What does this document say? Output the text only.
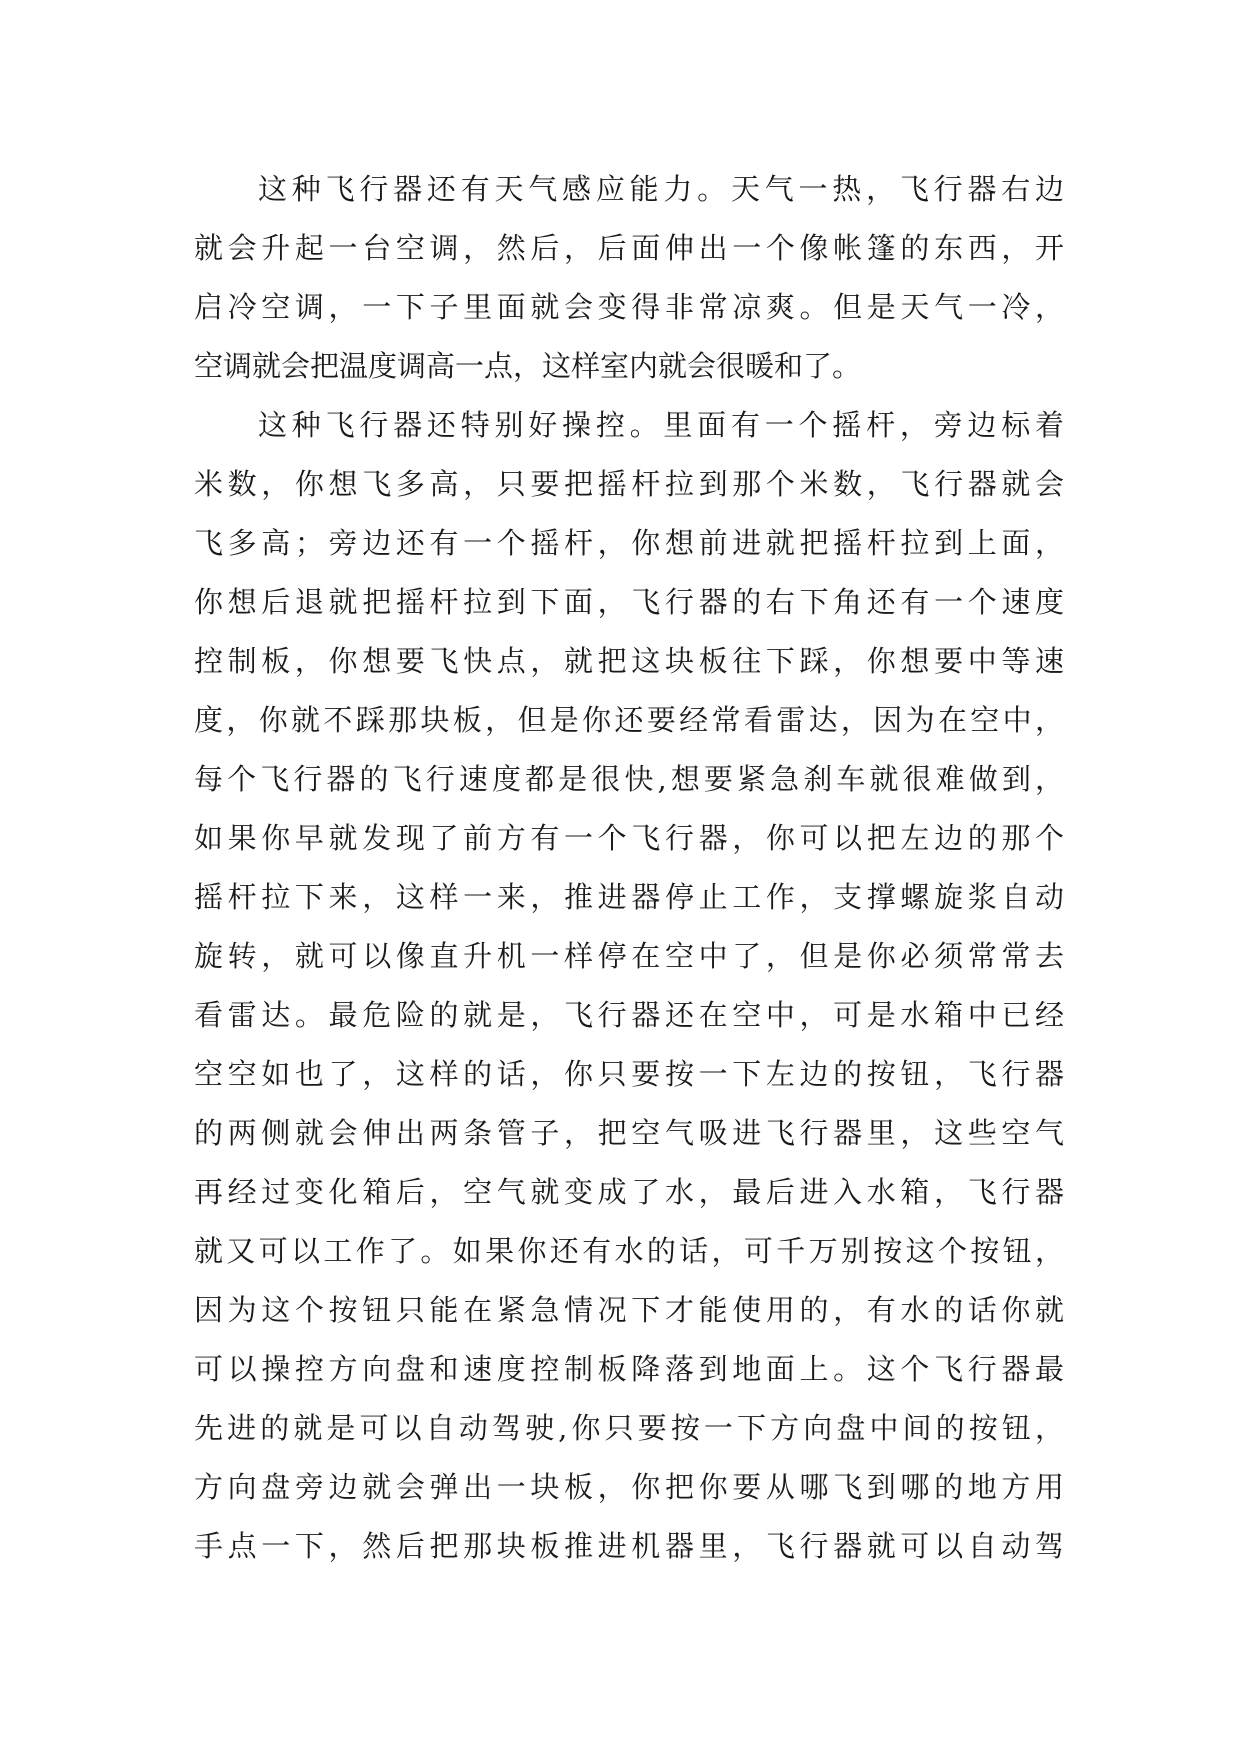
这种飞行器还有天气感应能力。天气一热，飞行器右边
就会升起一台空调，然后，后面伸出一个像帐篷的东西，开
启冷空调，一下子里面就会变得非常凉爽。但是天气一冷，
空调就会把温度调高一点，这样室内就会很暖和了。
这种飞行器还特别好操控。里面有一个摇杆，旁边标着
米数，你想飞多高，只要把摇杆拉到那个米数，飞行器就会
飞多高；旁边还有一个摇杆，你想前进就把摇杆拉到上面，
你想后退就把摇杆拉到下面，飞行器的右下角还有一个速度
控制板，你想要飞快点，就把这块板往下踩，你想要中等速
度，你就不踩那块板，但是你还要经常看雷达，因为在空中，
每个飞行器的飞行速度都是很快,想要紧急刹车就很难做到，
如果你早就发现了前方有一个飞行器，你可以把左边的那个
摇杆拉下来，这样一来，推进器停止工作，支撑螺旋浆自动
旋转，就可以像直升机一样停在空中了，但是你必须常常去
看雷达。最危险的就是，飞行器还在空中，可是水箱中已经
空空如也了，这样的话，你只要按一下左边的按钮，飞行器
的两侧就会伸出两条管子，把空气吸进飞行器里，这些空气
再经过变化箱后，空气就变成了水，最后进入水箱，飞行器
就又可以工作了。如果你还有水的话，可千万别按这个按钮，
因为这个按钮只能在紧急情况下才能使用的，有水的话你就
可以操控方向盘和速度控制板降落到地面上。这个飞行器最
先进的就是可以自动驾驶,你只要按一下方向盘中间的按钮，
方向盘旁边就会弹出一块板，你把你要从哪飞到哪的地方用
手点一下，然后把那块板推进机器里，飞行器就可以自动驾
